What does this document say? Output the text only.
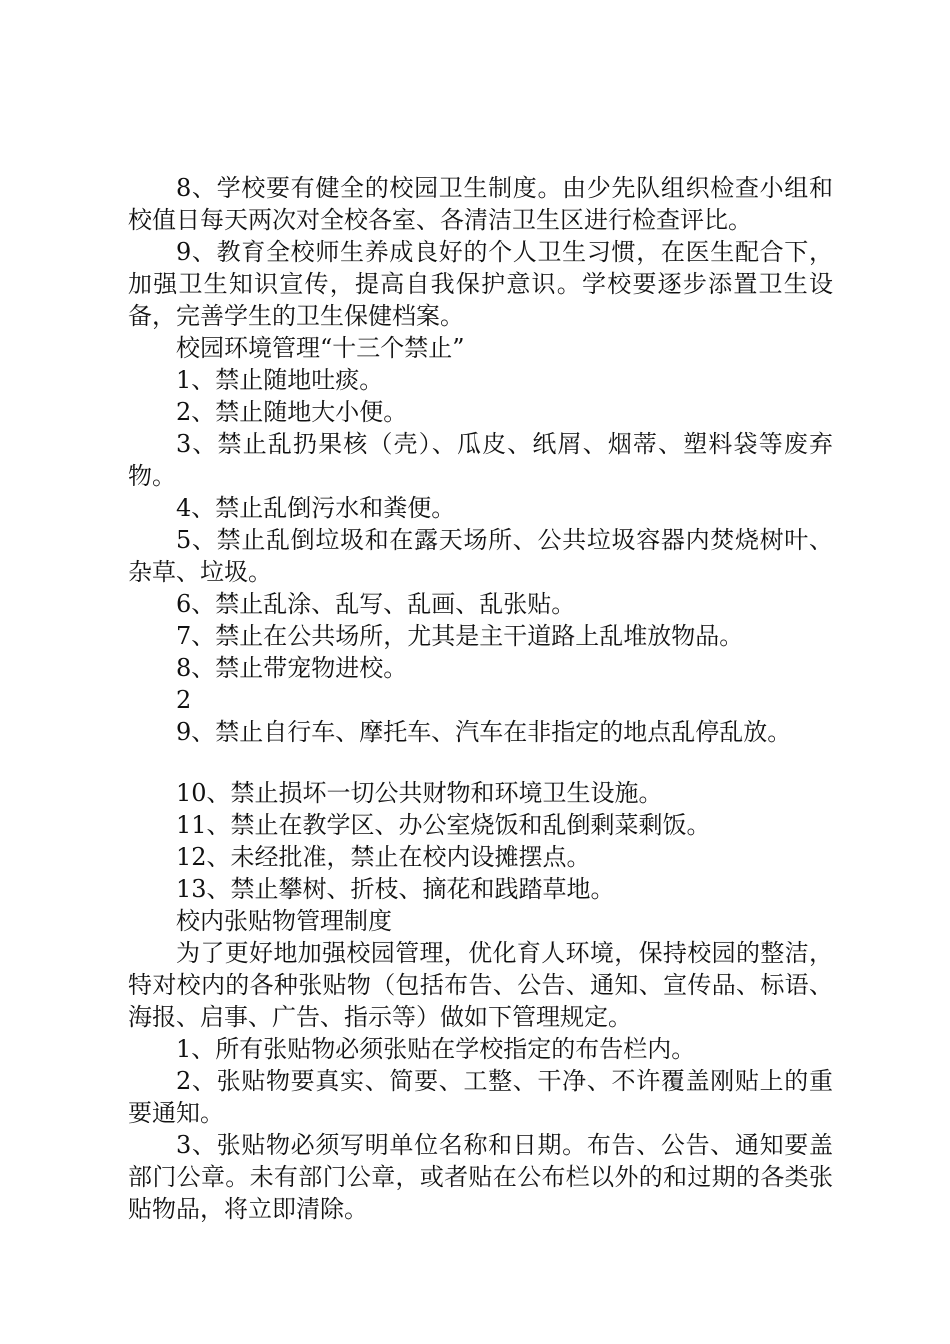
8、学校要有健全的校园卫生制度。由少先队组织检查小组和校值日每天两次对全校各室、各清洁卫生区进行检查评比。

9、教育全校师生养成良好的个人卫生习惯，在医生配合下，加强卫生知识宣传，提高自我保护意识。学校要逐步添置卫生设备，完善学生的卫生保健档案。

校园环境管理“十三个禁止”

1、禁止随地吐痰。

2、禁止随地大小便。

3、禁止乱扔果核（壳）、瓜皮、纸屑、烟蒂、塑料袋等废弃物。

4、禁止乱倒污水和粪便。

5、禁止乱倒垃圾和在露天场所、公共垃圾容器内焚烧树叶、杂草、垃圾。

6、禁止乱涂、乱写、乱画、乱张贴。

7、禁止在公共场所，尤其是主干道路上乱堆放物品。

8、禁止带宠物进校。

2

9、禁止自行车、摩托车、汽车在非指定的地点乱停乱放。

10、禁止损坏一切公共财物和环境卫生设施。

11、禁止在教学区、办公室烧饭和乱倒剩菜剩饭。

12、未经批准，禁止在校内设摊摆点。

13、禁止攀树、折枝、摘花和践踏草地。

校内张贴物管理制度

为了更好地加强校园管理，优化育人环境，保持校园的整洁，特对校内的各种张贴物（包括布告、公告、通知、宣传品、标语、海报、启事、广告、指示等）做如下管理规定。

1、所有张贴物必须张贴在学校指定的布告栏内。

2、张贴物要真实、简要、工整、干净、不许覆盖刚贴上的重要通知。

3、张贴物必须写明单位名称和日期。布告、公告、通知要盖部门公章。未有部门公章，或者贴在公布栏以外的和过期的各类张贴物品，将立即清除。
